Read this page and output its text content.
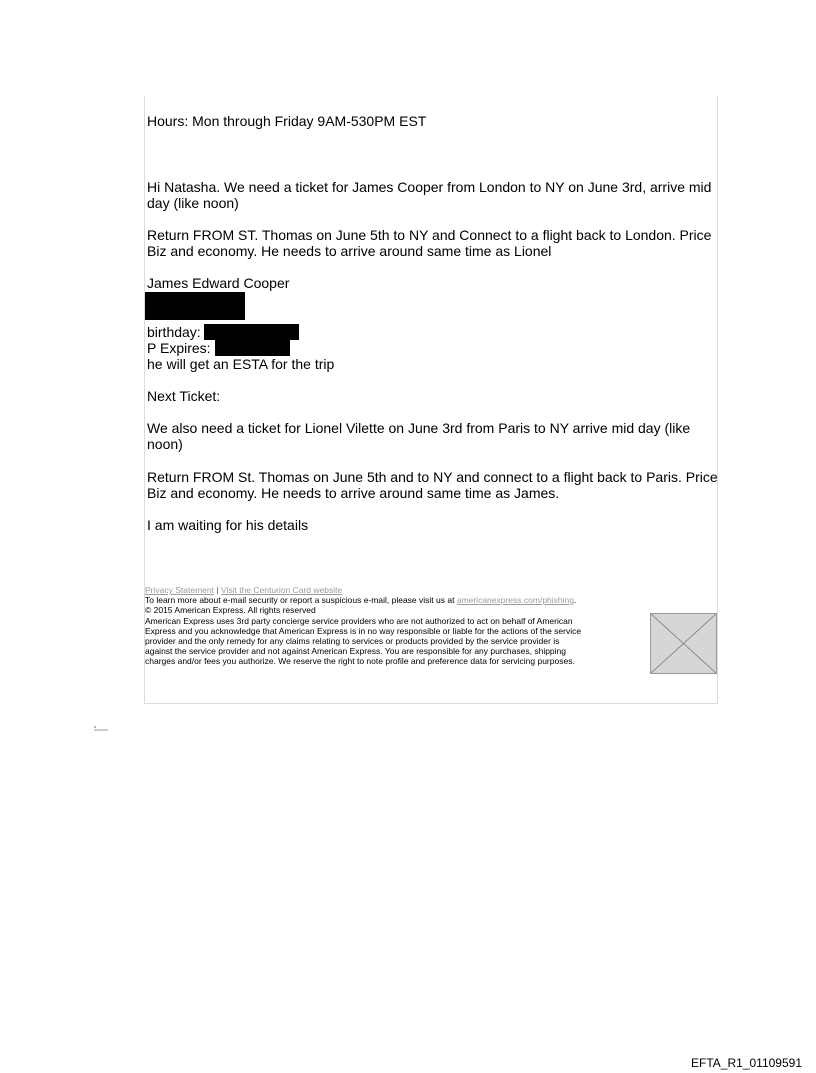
Hours: Mon through Friday 9AM-530PM EST
Hi Natasha. We need a ticket for James Cooper from London to NY on June 3rd, arrive mid
day (like noon)
Return FROM ST. Thomas on June 5th to NY and Connect to a flight back to London. Price
Biz and economy. He needs to arrive around same time as Lionel
James Edward Cooper
birthday:
P Expires:
he will get an ESTA for the trip
Next Ticket:
We also need a ticket for Lionel Vilette on June 3rd from Paris to NY arrive mid day (like
noon)
Return FROM St. Thomas on June 5th and to NY and connect to a flight back to Paris. Price
Biz and economy. He needs to arrive around same time as James.
I am waiting for his details
Privacy Statement | Visit the Centurion Card website
To learn more about e-mail security or report a suspicious e-mail, please visit us at americanexpress.com/phishing.
© 2015 American Express. All rights reserved
American Express uses 3rd party concierge service providers who are not authorized to act on behalf of American
Express and you acknowledge that American Express is in no way responsible or liable for the actions of the service
provider and the only remedy for any claims relating to services or products provided by the service provider is
against the service provider and not against American Express. You are responsible for any purchases, shipping
charges and/or fees you authorize. We reserve the right to note profile and preference data for servicing purposes.
EFTA_R1_01109591
